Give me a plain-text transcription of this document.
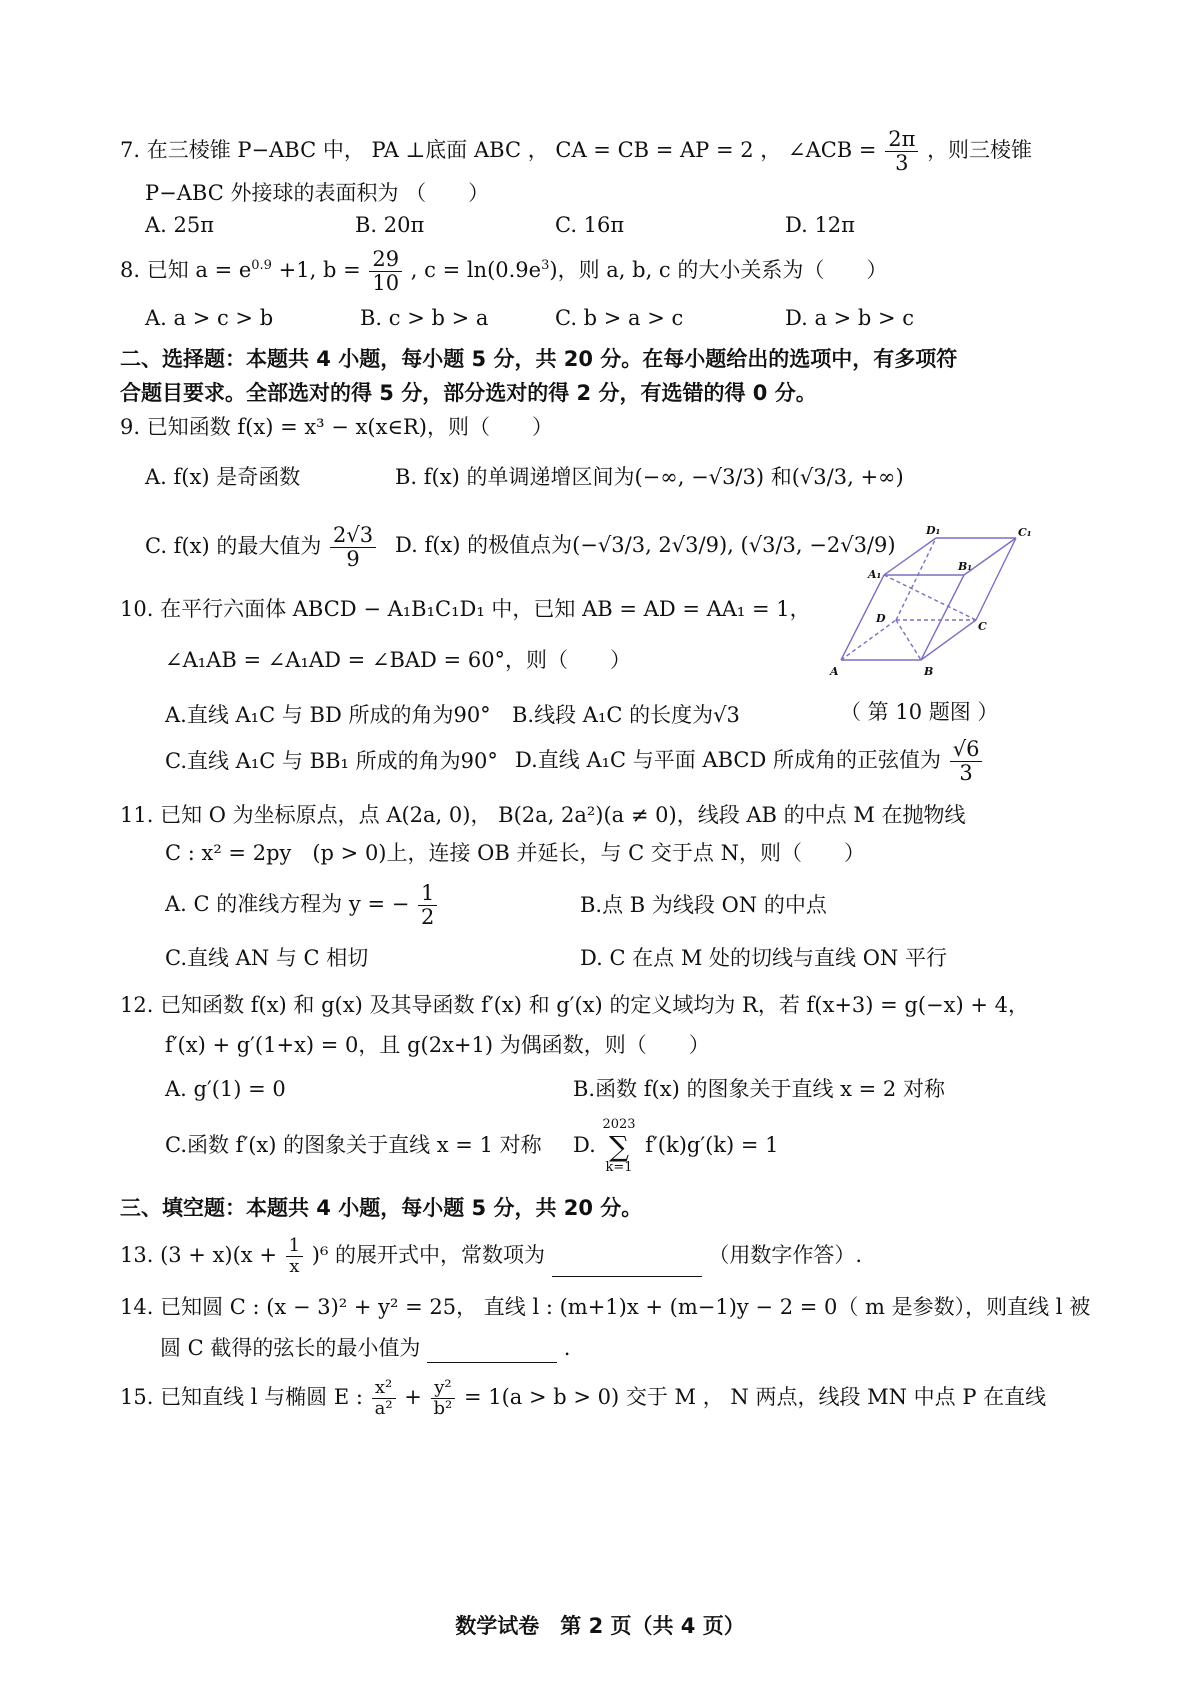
7. 在三棱锥 P−ABC 中， PA ⊥底面 ABC ， CA = CB = AP = 2 ， ∠ACB = $\frac{2\pi}{3}$ ，则三棱锥
P−ABC 外接球的表面积为 （　　）
A. 25π	B. 20π	C. 16π	D. 12π
8. 已知 $a = e^{0.9} +1$, $b = \frac{29}{10}$ , $c = \ln(0.9e^3)$，则 a, b, c 的大小关系为（　　）
A. a > c > b	B. c > b > a	C. b > a > c	D. a > b > c
二、选择题：本题共 4 小题，每小题 5 分，共 20 分。在每小题给出的选项中，有多项符
合题目要求。全部选对的得 5 分，部分选对的得 2 分，有选错的得 0 分。
9. 已知函数 f(x) = x³ − x(x∈R)，则（　　）
A. f(x) 是奇函数	B. f(x) 的单调递增区间为(−∞, −√3/3) 和(√3/3, +∞)
C. f(x) 的最大值为 $\frac{2√3}{9} D$. f(x) 的极值点为(−√3/3, 2√3/9), (√3/3, −2√3/9)
D₁	C₁
A₁
B₁
D
C
A	B
10. 在平行六面体 ABCD − A₁B₁C₁D₁ 中，已知 AB = AD = AA₁ = 1，
∠A₁AB = ∠A₁AD = ∠BAD = 60°，则（　　）
A.直线 A₁C 与 BD 所成的角为90° B.线段 A₁C 的长度为√3	（ 第 10 题图 ）
C.直线 A₁C 与 BB₁ 所成的角为90° D.直线 A₁C 与平面 ABCD 所成角的正弦值为 $\frac{√6}{3}$
11. 已知 O 为坐标原点，点 A(2a, 0)， B(2a, 2a²)(a ≠ 0)，线段 AB 的中点 M 在抛物线
C : x² = 2py　(p > 0)上，连接 OB 并延长，与 C 交于点 N，则（　　）
A. C 的准线方程为 y = − $\frac{1}{2}$	B.点 B 为线段 ON 的中点
C.直线 AN 与 C 相切	D. C 在点 M 处的切线与直线 ON 平行
12. 已知函数 f(x) 和 g(x) 及其导函数 f′(x) 和 g′(x) 的定义域均为 R，若 f(x+3) = g(−x) + 4，
f′(x) + g′(1+x) = 0，且 g(2x+1) 为偶函数，则（　　）
A. g′(1) = 0	B.函数 f(x) 的图象关于直线 x = 2 对称
C.函数 f′(x) 的图象关于直线 x = 1 对称 D. 2023
∑
k=1 f′(k)g′(k) = 1
三、填空题：本题共 4 小题，每小题 5 分，共 20 分。
13. $(3 + x)(x + \frac{1}{x} )^6$ 的展开式中，常数项为	（用数字作答）.
14. 已知圆 C : (x − 3)² + y² = 25， 直线 l : (m+1)x + (m−1)y − 2 = 0（ m 是参数），则直线 l 被
圆 C 截得的弦长的最小值为	.
15. 已知直线 l 与椭圆 E : $\frac{\text{x²}}{\text{a²}} + \frac{\text{y²}}{\text{b²}} = 1(a > b > 0)$ 交于 M ， N 两点，线段 MN 中点 P 在直线
数学试卷　第 2 页（共 4 页）
